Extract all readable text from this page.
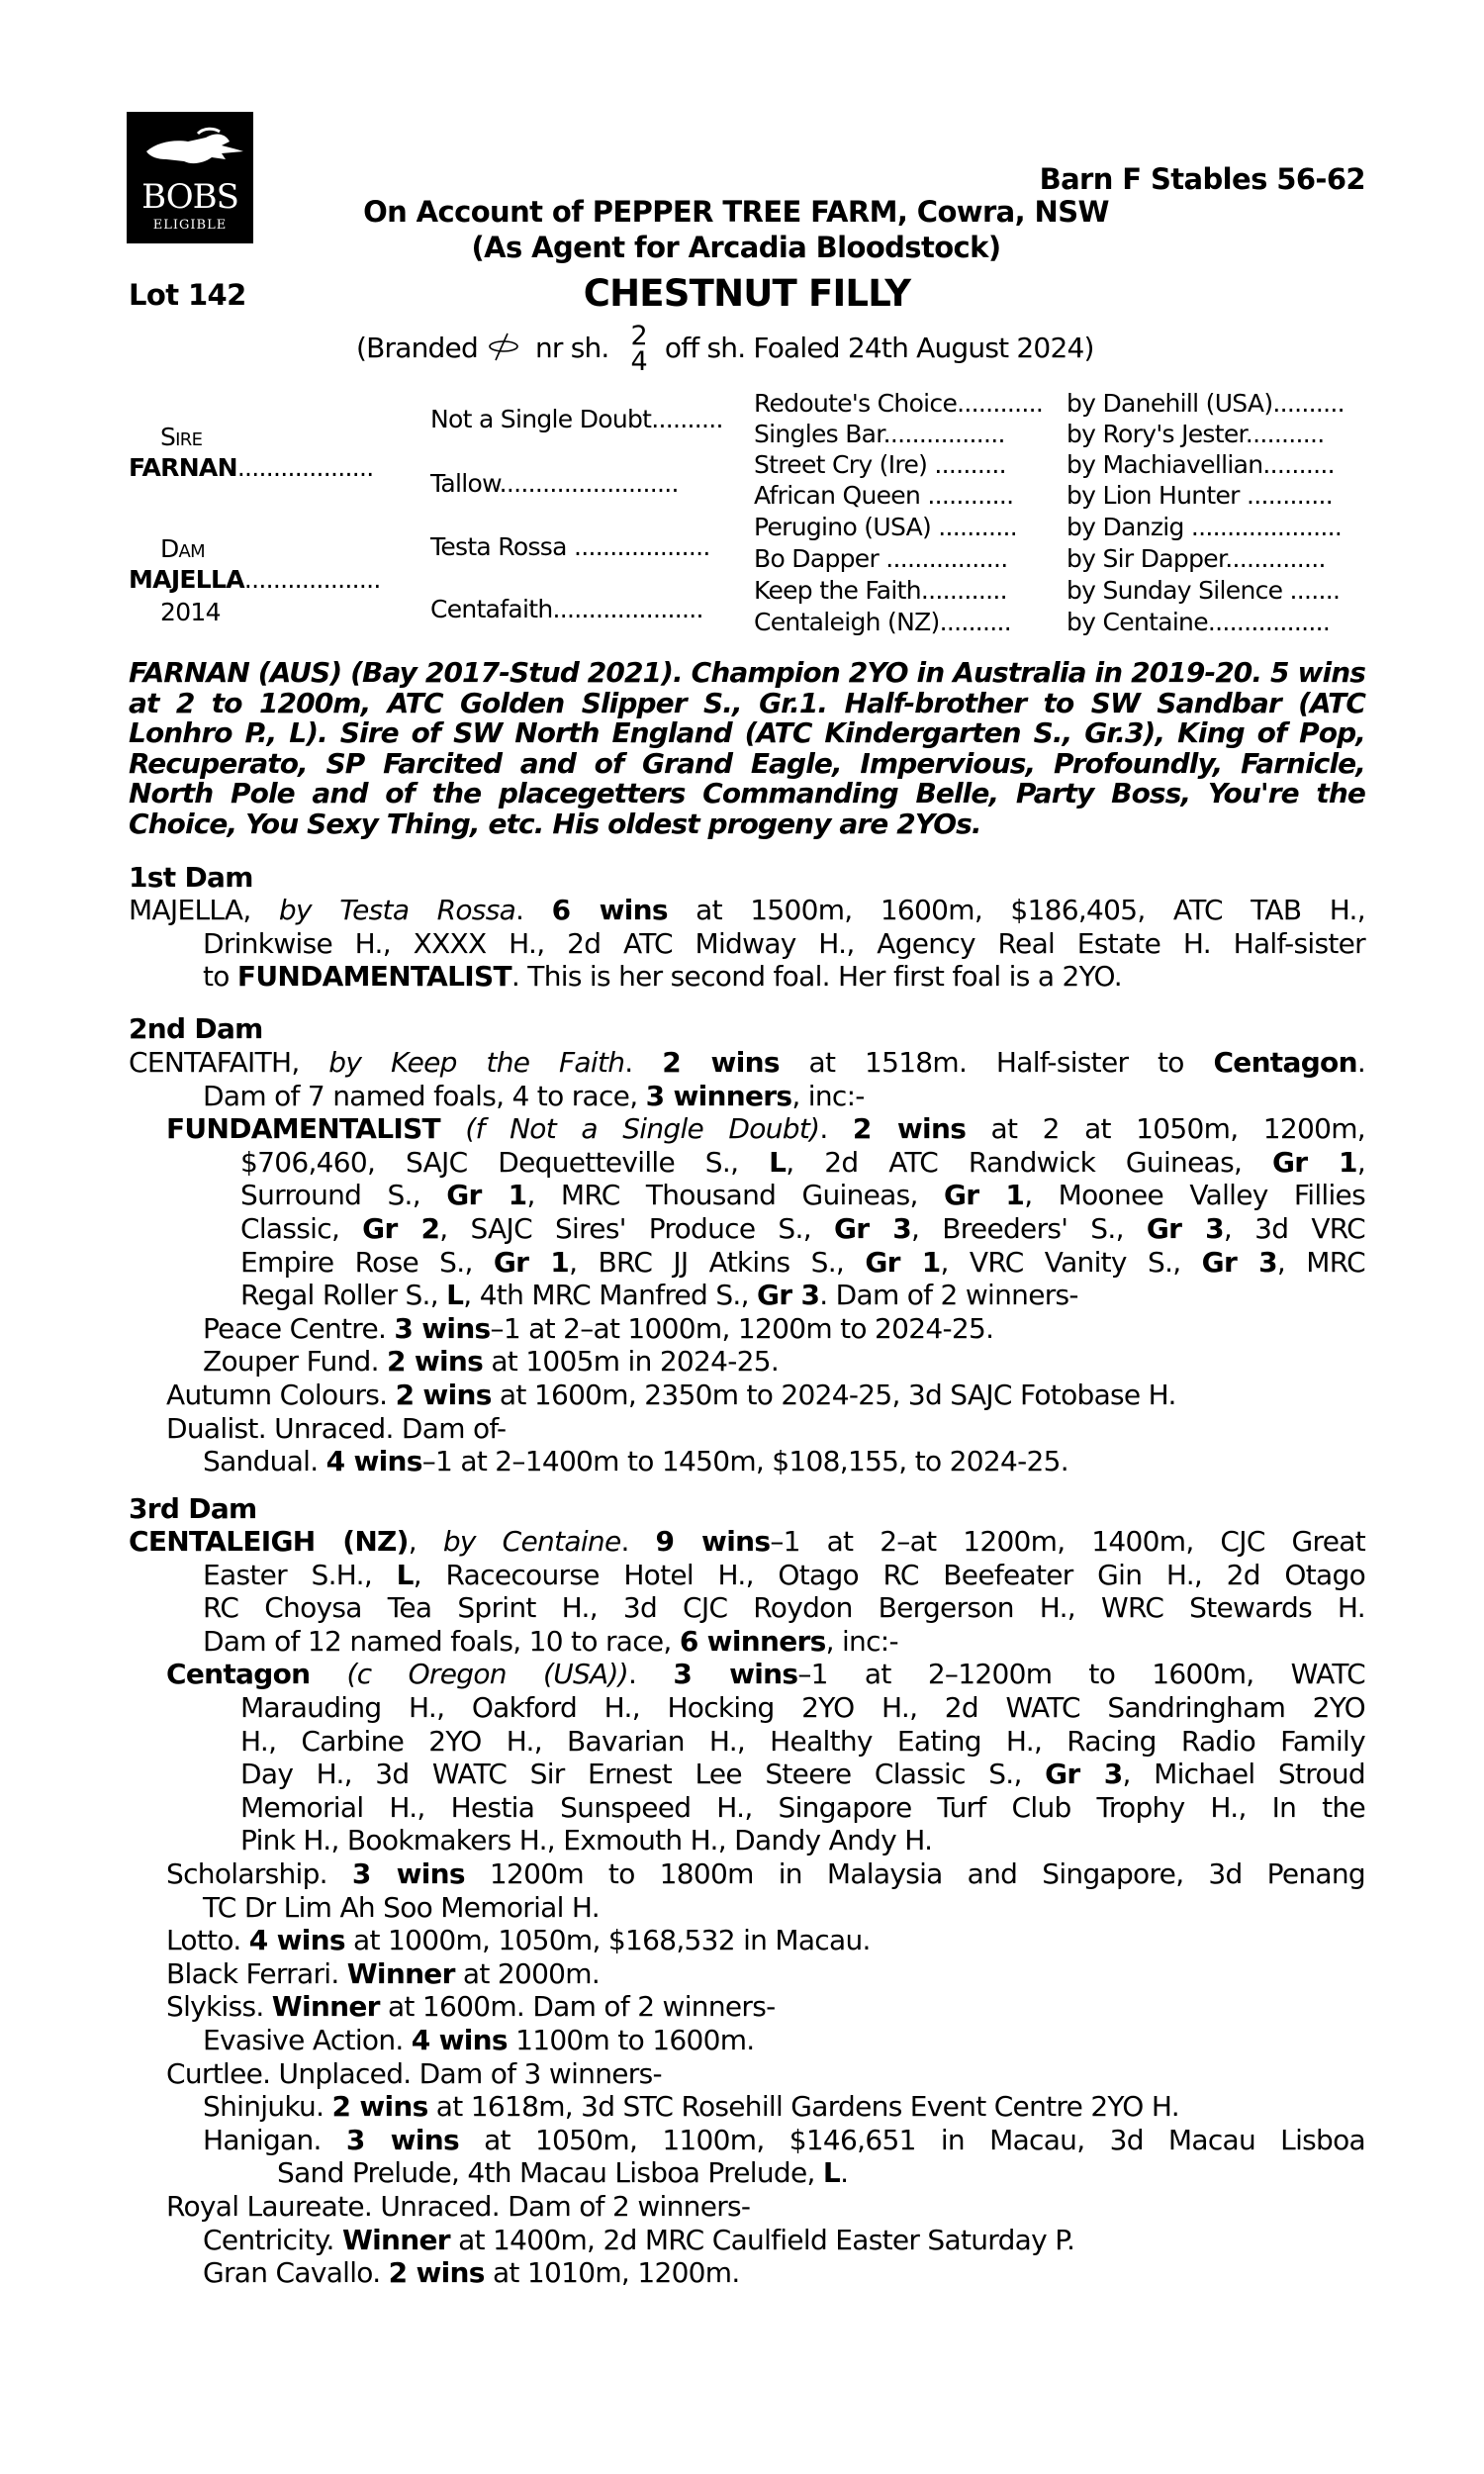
BOBS
ELIGIBLE
Barn F Stables 56-62
On Account of PEPPER TREE FARM, Cowra, NSW
(As Agent for Arcadia Bloodstock)
Lot 142	CHESTNUT FILLY
(Branded nr sh. 2
4 off sh. Foaled 24th August 2024)
Sire
FARNAN...................
Dam
MAJELLA...................
2014
Not a Single Doubt..........
Tallow.........................
Testa Rossa ...................
Centafaith.....................
Redoute's Choice............
Singles Bar.................
Street Cry (Ire) ..........
African Queen ............
Perugino (USA) ...........
Bo Dapper .................
Keep the Faith............
Centaleigh (NZ)..........
by Danehill (USA)..........
by Rory's Jester...........
by Machiavellian..........
by Lion Hunter ............
by Danzig .....................
by Sir Dapper..............
by Sunday Silence .......
by Centaine.................
FARNAN (AUS) (Bay 2017-Stud 2021). Champion 2YO in Australia in 2019-20. 5 wins at 2 to 1200m, ATC Golden Slipper S., Gr.1. Half-brother to SW Sandbar (ATC Lonhro P., L). Sire of SW North England (ATC Kindergarten S., Gr.3), King of Pop, Recuperato, SP Farcited and of Grand Eagle, Impervious, Profoundly, Farnicle, North Pole and of the placegetters Commanding Belle, Party Boss, You're the Choice, You Sexy Thing, etc. His oldest progeny are 2YOs.
1st Dam
MAJELLA, by Testa Rossa. 6 wins at 1500m, 1600m, $186,405, ATC TAB H.,
Drinkwise H., XXXX H., 2d ATC Midway H., Agency Real Estate H. Half-sister
to FUNDAMENTALIST. This is her second foal. Her first foal is a 2YO.
2nd Dam
CENTAFAITH, by Keep the Faith. 2 wins at 1518m. Half-sister to Centagon.
Dam of 7 named foals, 4 to race, 3 winners, inc:-
FUNDAMENTALIST (f Not a Single Doubt). 2 wins at 2 at 1050m, 1200m,
$706,460, SAJC Dequetteville S., L, 2d ATC Randwick Guineas, Gr 1,
Surround S., Gr 1, MRC Thousand Guineas, Gr 1, Moonee Valley Fillies
Classic, Gr 2, SAJC Sires' Produce S., Gr 3, Breeders' S., Gr 3, 3d VRC
Empire Rose S., Gr 1, BRC JJ Atkins S., Gr 1, VRC Vanity S., Gr 3, MRC
Regal Roller S., L, 4th MRC Manfred S., Gr 3. Dam of 2 winners-
Peace Centre. 3 wins–1 at 2–at 1000m, 1200m to 2024-25.
Zouper Fund. 2 wins at 1005m in 2024-25.
Autumn Colours. 2 wins at 1600m, 2350m to 2024-25, 3d SAJC Fotobase H.
Dualist. Unraced. Dam of-
Sandual. 4 wins–1 at 2–1400m to 1450m, $108,155, to 2024-25.
3rd Dam
CENTALEIGH (NZ), by Centaine. 9 wins–1 at 2–at 1200m, 1400m, CJC Great
Easter S.H., L, Racecourse Hotel H., Otago RC Beefeater Gin H., 2d Otago
RC Choysa Tea Sprint H., 3d CJC Roydon Bergerson H., WRC Stewards H.
Dam of 12 named foals, 10 to race, 6 winners, inc:-
Centagon (c Oregon (USA)). 3 wins–1 at 2–1200m to 1600m, WATC
Marauding H., Oakford H., Hocking 2YO H., 2d WATC Sandringham 2YO
H., Carbine 2YO H., Bavarian H., Healthy Eating H., Racing Radio Family
Day H., 3d WATC Sir Ernest Lee Steere Classic S., Gr 3, Michael Stroud
Memorial H., Hestia Sunspeed H., Singapore Turf Club Trophy H., In the
Pink H., Bookmakers H., Exmouth H., Dandy Andy H.
Scholarship. 3 wins 1200m to 1800m in Malaysia and Singapore, 3d Penang
TC Dr Lim Ah Soo Memorial H.
Lotto. 4 wins at 1000m, 1050m, $168,532 in Macau.
Black Ferrari. Winner at 2000m.
Slykiss. Winner at 1600m. Dam of 2 winners-
Evasive Action. 4 wins 1100m to 1600m.
Curtlee. Unplaced. Dam of 3 winners-
Shinjuku. 2 wins at 1618m, 3d STC Rosehill Gardens Event Centre 2YO H.
Hanigan. 3 wins at 1050m, 1100m, $146,651 in Macau, 3d Macau Lisboa
Sand Prelude, 4th Macau Lisboa Prelude, L.
Royal Laureate. Unraced. Dam of 2 winners-
Centricity. Winner at 1400m, 2d MRC Caulfield Easter Saturday P.
Gran Cavallo. 2 wins at 1010m, 1200m.
